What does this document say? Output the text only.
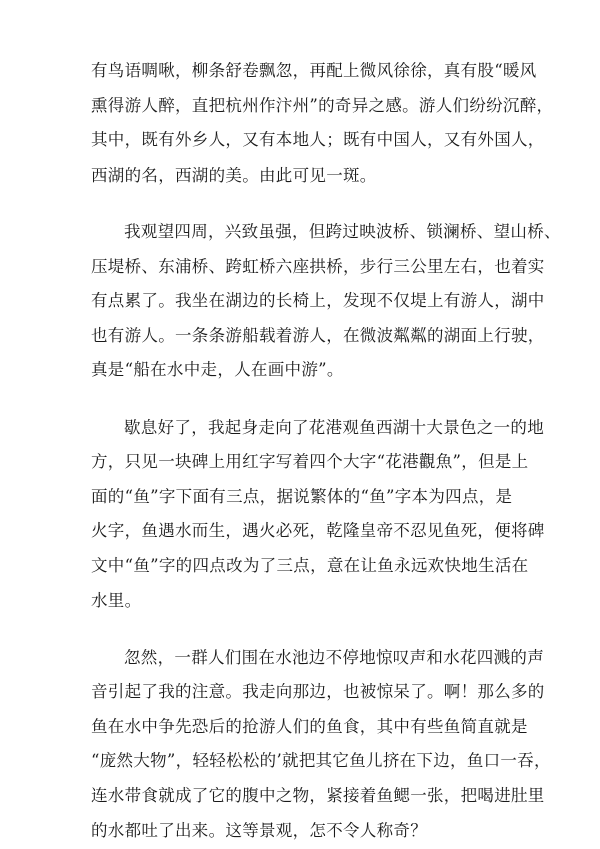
有鸟语啁啾，柳条舒卷飘忽，再配上微风徐徐，真有股“暖风
熏得游人醉，直把杭州作汴州”的奇异之感。游人们纷纷沉醉，
其中，既有外乡人，又有本地人；既有中国人，又有外国人，
西湖的名，西湖的美。由此可见一斑。
我观望四周，兴致虽强，但跨过映波桥、锁澜桥、望山桥、
压堤桥、东浦桥、跨虹桥六座拱桥，步行三公里左右，也着实
有点累了。我坐在湖边的长椅上，发现不仅堤上有游人，湖中
也有游人。一条条游船载着游人，在微波粼粼的湖面上行驶，
真是“船在水中走，人在画中游”。
歇息好了，我起身走向了花港观鱼西湖十大景色之一的地
方，只见一块碑上用红字写着四个大字“花港觀魚”，但是上
面的“鱼”字下面有三点，据说繁体的“鱼”字本为四点，是
火字，鱼遇水而生，遇火必死，乾隆皇帝不忍见鱼死，便将碑
文中“鱼”字的四点改为了三点，意在让鱼永远欢快地生活在
水里。
忽然，一群人们围在水池边不停地惊叹声和水花四溅的声
音引起了我的注意。我走向那边，也被惊呆了。啊！那么多的
鱼在水中争先恐后的抢游人们的鱼食，其中有些鱼简直就是
“庞然大物”，轻轻松松的’就把其它鱼儿挤在下边，鱼口一吞，
连水带食就成了它的腹中之物，紧接着鱼鳃一张，把喝进肚里
的水都吐了出来。这等景观，怎不令人称奇？
